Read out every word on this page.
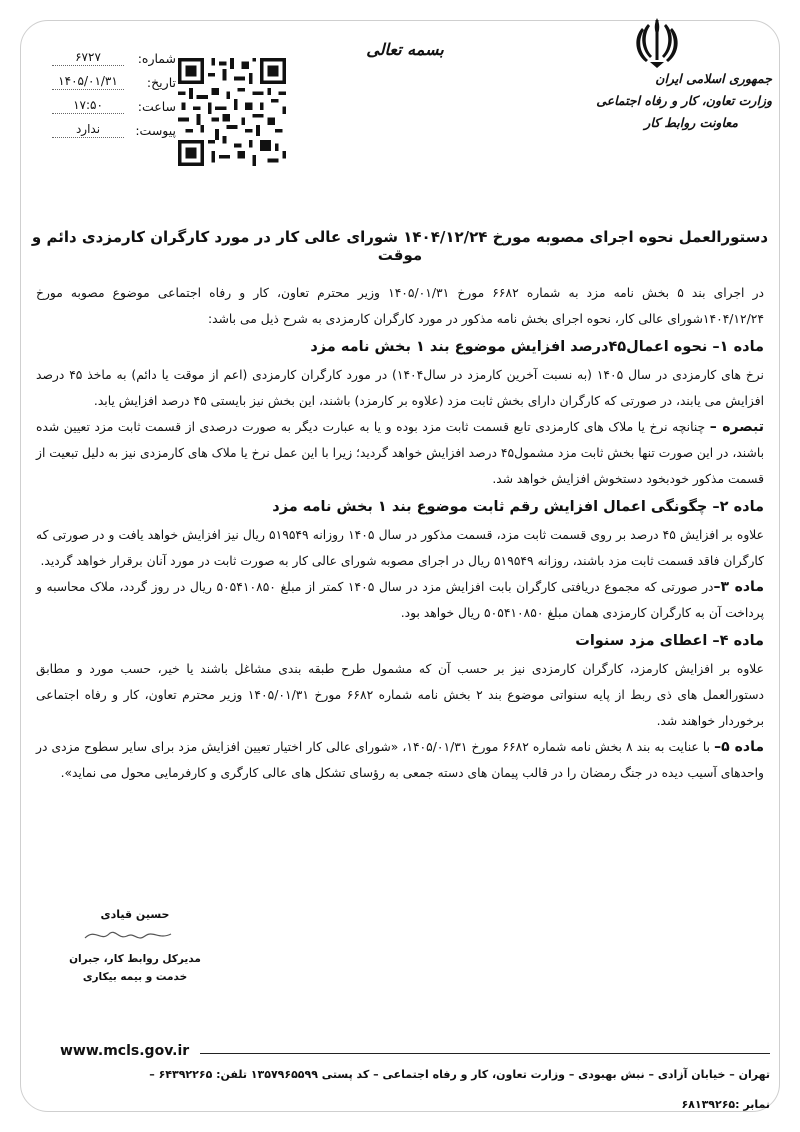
جمهوری اسلامی ایران
وزارت تعاون، کار و رفاه اجتماعی
معاونت روابط کار
بسمه تعالی
شماره:
۶۷۲۷
تاریخ:
۱۴۰۵/۰۱/۳۱
ساعت:
۱۷:۵۰
پیوست:
ندارد
دستورالعمل نحوه اجرای مصوبه مورخ ۱۴۰۴/۱۲/۲۴ شورای عالی کار در مورد کارگران کارمزدی دائم و موقت

در اجرای بند ۵ بخش نامه مزد به شماره ۶۶۸۲ مورخ ۱۴۰۵/۰۱/۳۱ وزیر محترم تعاون، کار و رفاه اجتماعی موضوع مصوبه مورخ ۱۴۰۴/۱۲/۲۴شورای عالی کار، نحوه اجرای بخش نامه مذکور در مورد کارگران کارمزدی به شرح ذیل می باشد:

ماده ۱– نحوه اعمال۴۵درصد افزایش موضوع بند ۱ بخش نامه مزد

نرخ های کارمزدی در سال ۱۴۰۵ (به نسبت آخرین کارمزد در سال۱۴۰۴) در مورد کارگران کارمزدی (اعم از موقت یا دائم) به ماخذ ۴۵ درصد افزایش می یابند، در صورتی که کارگران دارای بخش ثابت مزد (علاوه بر کارمزد) باشند، این بخش نیز بایستی ۴۵ درصد افزایش یابد.

تبصره – چنانچه نرخ یا ملاک های کارمزدی تابع قسمت ثابت مزد بوده و یا به عبارت دیگر به صورت درصدی از قسمت ثابت مزد تعیین شده باشند، در این صورت تنها بخش ثابت مزد مشمول۴۵ درصد افزایش خواهد گردید؛ زیرا با این عمل نرخ یا ملاک های کارمزدی نیز به دلیل تبعیت از قسمت مذکور خودبخود دستخوش افزایش خواهد شد.

ماده ۲– چگونگی اعمال افزایش رقم ثابت موضوع بند ۱ بخش نامه مزد

علاوه بر افزایش ۴۵ درصد بر روی قسمت ثابت مزد، قسمت مذکور در سال ۱۴۰۵ روزانه ۵۱۹۵۴۹ ریال نیز افزایش خواهد یافت و در صورتی که کارگران فاقد قسمت ثابت مزد باشند، روزانه ۵۱۹۵۴۹ ریال در اجرای مصوبه شورای عالی کار به صورت ثابت در مورد آنان برقرار خواهد گردید.

ماده ۳–در صورتی که مجموع دریافتی کارگران بابت افزایش مزد در سال ۱۴۰۵ کمتر از مبلغ ۵۰۵۴۱۰۸۵۰ ریال در روز گردد، ملاک محاسبه و پرداخت آن به کارگران کارمزدی همان مبلغ ۵۰۵۴۱۰۸۵۰ ریال خواهد بود.

ماده ۴– اعطای مزد سنوات

علاوه بر افزایش کارمزد، کارگران کارمزدی نیز بر حسب آن که مشمول طرح طبقه بندی مشاغل باشند یا خیر، حسب مورد و مطابق دستورالعمل های ذی ربط از پایه سنواتی موضوع بند ۲ بخش نامه شماره ۶۶۸۲ مورخ ۱۴۰۵/۰۱/۳۱ وزیر محترم تعاون، کار و رفاه اجتماعی برخوردار خواهند شد.

ماده ۵– با عنایت به بند ۸ بخش نامه شماره ۶۶۸۲ مورخ ۱۴۰۵/۰۱/۳۱، «شورای عالی کار اختیار تعیین افزایش مزد برای سایر سطوح مزدی در واحدهای آسیب دیده در جنگ رمضان را در قالب پیمان های دسته جمعی به رؤسای تشکل های عالی کارگری و کارفرمایی محول می نماید».

حسین قیادی
مدیرکل روابط کار، جبران خدمت و بیمه بیکاری
www.mcls.gov.ir
تهران – خیابان آزادی – نبش بهبودی – وزارت تعاون، کار و رفاه اجتماعی – کد پستی ۱۳۵۷۹۶۵۵۹۹ تلفن: ۶۴۳۹۲۲۶۵ –
نمابر :۶۸۱۳۹۲۶۵
